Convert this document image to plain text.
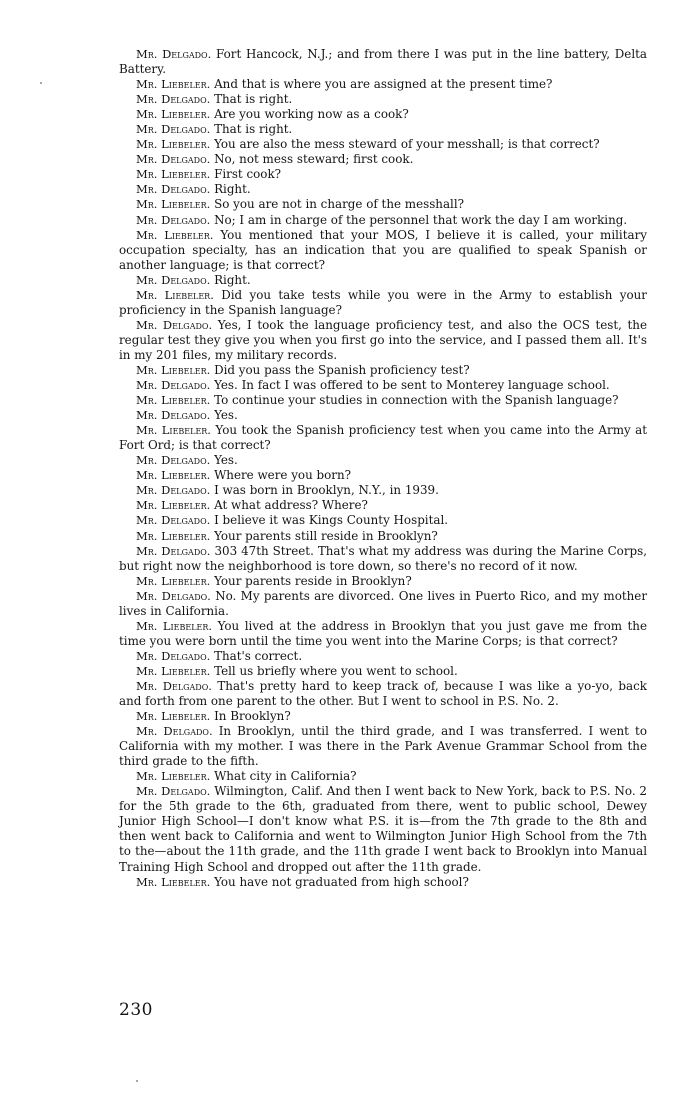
Mr. Delgado. Fort Hancock, N.J.; and from there I was put in the line battery, Delta Battery.

Mr. Liebeler. And that is where you are assigned at the present time?

Mr. Delgado. That is right.

Mr. Liebeler. Are you working now as a cook?

Mr. Delgado. That is right.

Mr. Liebeler. You are also the mess steward of your messhall; is that correct?

Mr. Delgado. No, not mess steward; first cook.

Mr. Liebeler. First cook?

Mr. Delgado. Right.

Mr. Liebeler. So you are not in charge of the messhall?

Mr. Delgado. No; I am in charge of the personnel that work the day I am working.

Mr. Liebeler. You mentioned that your MOS, I believe it is called, your military occupation specialty, has an indication that you are qualified to speak Spanish or another language; is that correct?

Mr. Delgado. Right.

Mr. Liebeler. Did you take tests while you were in the Army to establish your proficiency in the Spanish language?

Mr. Delgado. Yes, I took the language proficiency test, and also the OCS test, the regular test they give you when you first go into the service, and I passed them all. It's in my 201 files, my military records.

Mr. Liebeler. Did you pass the Spanish proficiency test?

Mr. Delgado. Yes. In fact I was offered to be sent to Monterey language school.

Mr. Liebeler. To continue your studies in connection with the Spanish language?

Mr. Delgado. Yes.

Mr. Liebeler. You took the Spanish proficiency test when you came into the Army at Fort Ord; is that correct?

Mr. Delgado. Yes.

Mr. Liebeler. Where were you born?

Mr. Delgado. I was born in Brooklyn, N.Y., in 1939.

Mr. Liebeler. At what address? Where?

Mr. Delgado. I believe it was Kings County Hospital.

Mr. Liebeler. Your parents still reside in Brooklyn?

Mr. Delgado. 303 47th Street. That's what my address was during the Marine Corps, but right now the neighborhood is tore down, so there's no record of it now.

Mr. Liebeler. Your parents reside in Brooklyn?

Mr. Delgado. No. My parents are divorced. One lives in Puerto Rico, and my mother lives in California.

Mr. Liebeler. You lived at the address in Brooklyn that you just gave me from the time you were born until the time you went into the Marine Corps; is that correct?

Mr. Delgado. That's correct.

Mr. Liebeler. Tell us briefly where you went to school.

Mr. Delgado. That's pretty hard to keep track of, because I was like a yo-yo, back and forth from one parent to the other. But I went to school in P.S. No. 2.

Mr. Liebeler. In Brooklyn?

Mr. Delgado. In Brooklyn, until the third grade, and I was transferred. I went to California with my mother. I was there in the Park Avenue Grammar School from the third grade to the fifth.

Mr. Liebeler. What city in California?

Mr. Delgado. Wilmington, Calif. And then I went back to New York, back to P.S. No. 2 for the 5th grade to the 6th, graduated from there, went to public school, Dewey Junior High School—I don't know what P.S. it is—from the 7th grade to the 8th and then went back to California and went to Wilmington Junior High School from the 7th to the—about the 11th grade, and the 11th grade I went back to Brooklyn into Manual Training High School and dropped out after the 11th grade.

Mr. Liebeler. You have not graduated from high school?

230
